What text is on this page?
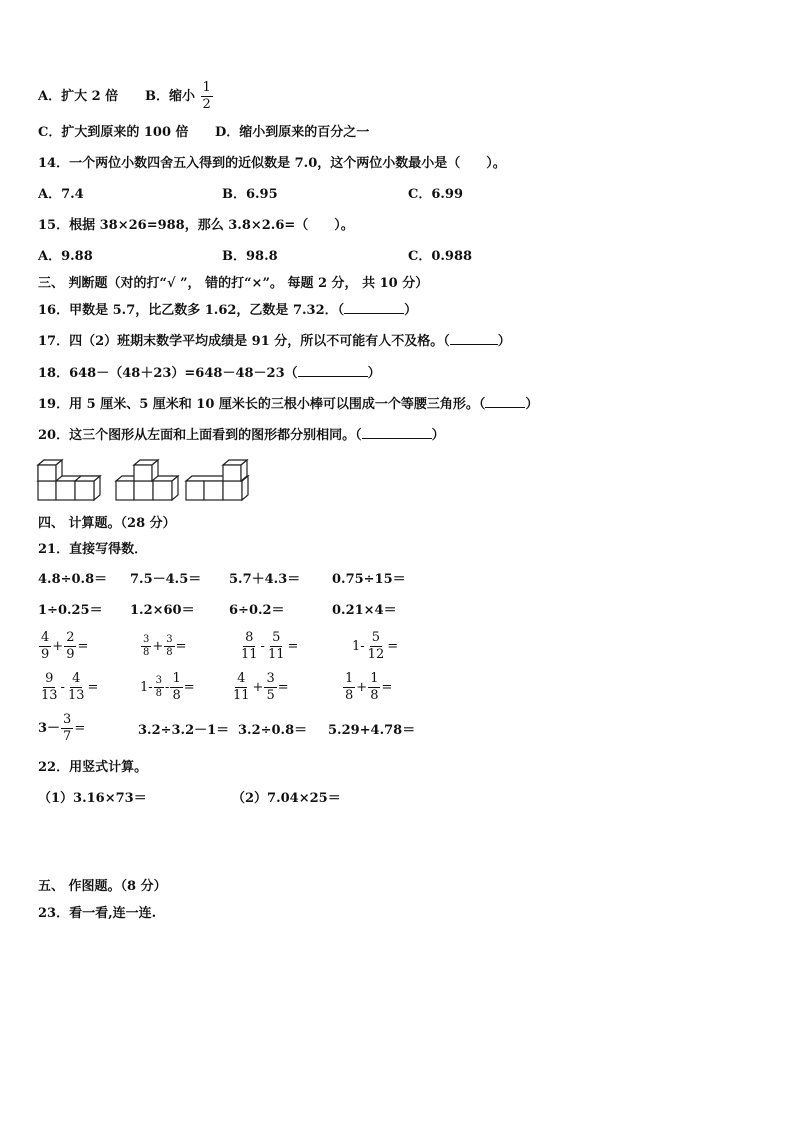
A．扩大 2 倍 B．缩小 $\frac{1}{2}$
C．扩大到原来的 100 倍 D．缩小到原来的百分之一
14．一个两位小数四舍五入得到的近似数是 7.0，这个两位小数最小是（　　）。
A．7.4	B．6.95	C．6.99
15．根据 38×26=988，那么 3.8×2.6=（　　）。
A．9.88	B．98.8	C．0.988
三、 判断题（对的打“√ ”， 错的打“×”。 每题 2 分， 共 10 分）
16．甲数是 5.7，比乙数多 1.62，乙数是 7.32．（	）
17．四（2）班期末数学平均成绩是 91 分，所以不可能有人不及格。（	）
18．648－（48＋23）=648－48－23（	）
19．用 5 厘米、5 厘米和 10 厘米长的三根小棒可以围成一个等腰三角形。（	）
20．这三个图形从左面和上面看到的图形都分别相同。（	）
四、 计算题。（28 分）
21．直接写得数．
4.8÷0.8＝ 7.5－4.5＝ 5.7＋4.3＝ 0.75÷15＝
1÷0.25＝ 1.2×60＝	6÷0.2＝	0.21×4＝
$\frac{4}{9} + \frac{2}{9}$ =	$\frac{3}{8} + \frac{3}{8}$ =	$\frac{8}{11} - \frac{5}{11}$ =	$1- \frac{5}{12}$ =
$\frac{9}{13} - \frac{4}{13}$ =	$1- \frac{3}{8} - \frac{1}{8}$ =	$\frac{4}{11} + \frac{3}{5}$ =	$\frac{1}{8} + \frac{1}{8}$ =
$3- \frac{3}{7}$ =	3.2÷3.2－1＝ 3.2÷0.8＝ 5.29+4.78＝
22．用竖式计算。
（1）3.16×73＝	（2）7.04×25＝
五、 作图题。（8 分）
23．看一看,连一连.
